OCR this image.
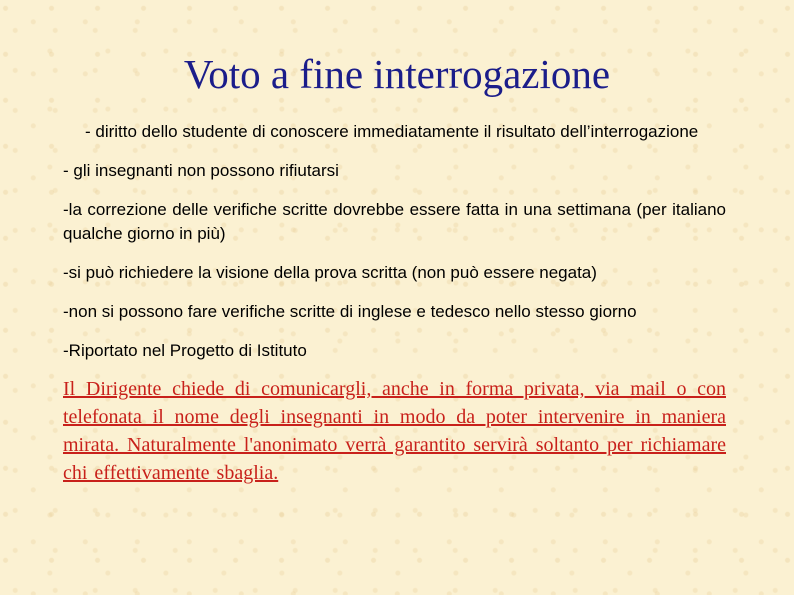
Voto a fine interrogazione

- diritto dello studente di conoscere immediatamente il risultato dell’interrogazione

- gli insegnanti non possono rifiutarsi

-la correzione delle verifiche scritte dovrebbe essere fatta in una settimana (per italiano qualche giorno in più)

-si può richiedere la visione della prova scritta (non può essere negata)

-non si possono fare verifiche scritte di inglese e tedesco nello stesso giorno

-Riportato nel Progetto di Istituto

Il Dirigente chiede di comunicargli, anche in forma privata, via mail o con telefonata il nome degli insegnanti in modo da poter intervenire in maniera mirata. Naturalmente l'anonimato verrà garantito servirà soltanto per richiamare chi effettivamente sbaglia.
